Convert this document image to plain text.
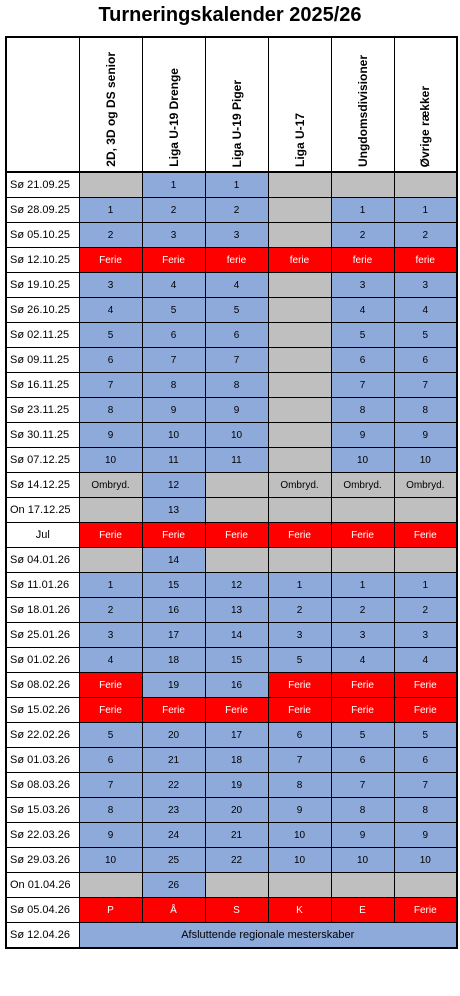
Turneringskalender 2025/26

	2D, 3D og DS senior	Liga U-19 Drenge	Liga U-19 Piger	Liga U-17	Ungdomsdivisioner	Øvrige rækker

Sø 21.09.25		1	1			
Sø 28.09.25	1	2	2		1	1
Sø 05.10.25	2	3	3		2	2
Sø 12.10.25	Ferie	Ferie	ferie	ferie	ferie	ferie
Sø 19.10.25	3	4	4		3	3
Sø 26.10.25	4	5	5		4	4
Sø 02.11.25	5	6	6		5	5
Sø 09.11.25	6	7	7		6	6
Sø 16.11.25	7	8	8		7	7
Sø 23.11.25	8	9	9		8	8
Sø 30.11.25	9	10	10		9	9
Sø 07.12.25	10	11	11		10	10
Sø 14.12.25	Ombryd.	12		Ombryd.	Ombryd.	Ombryd.
On 17.12.25		13				
Jul	Ferie	Ferie	Ferie	Ferie	Ferie	Ferie
Sø 04.01.26		14				
Sø 11.01.26	1	15	12	1	1	1
Sø 18.01.26	2	16	13	2	2	2
Sø 25.01.26	3	17	14	3	3	3
Sø 01.02.26	4	18	15	5	4	4
Sø 08.02.26	Ferie	19	16	Ferie	Ferie	Ferie
Sø 15.02.26	Ferie	Ferie	Ferie	Ferie	Ferie	Ferie
Sø 22.02.26	5	20	17	6	5	5
Sø 01.03.26	6	21	18	7	6	6
Sø 08.03.26	7	22	19	8	7	7
Sø 15.03.26	8	23	20	9	8	8
Sø 22.03.26	9	24	21	10	9	9
Sø 29.03.26	10	25	22	10	10	10
On 01.04.26		26				
Sø 05.04.26	P	Å	S	K	E	Ferie
Sø 12.04.26	Afsluttende regionale mesterskaber					
